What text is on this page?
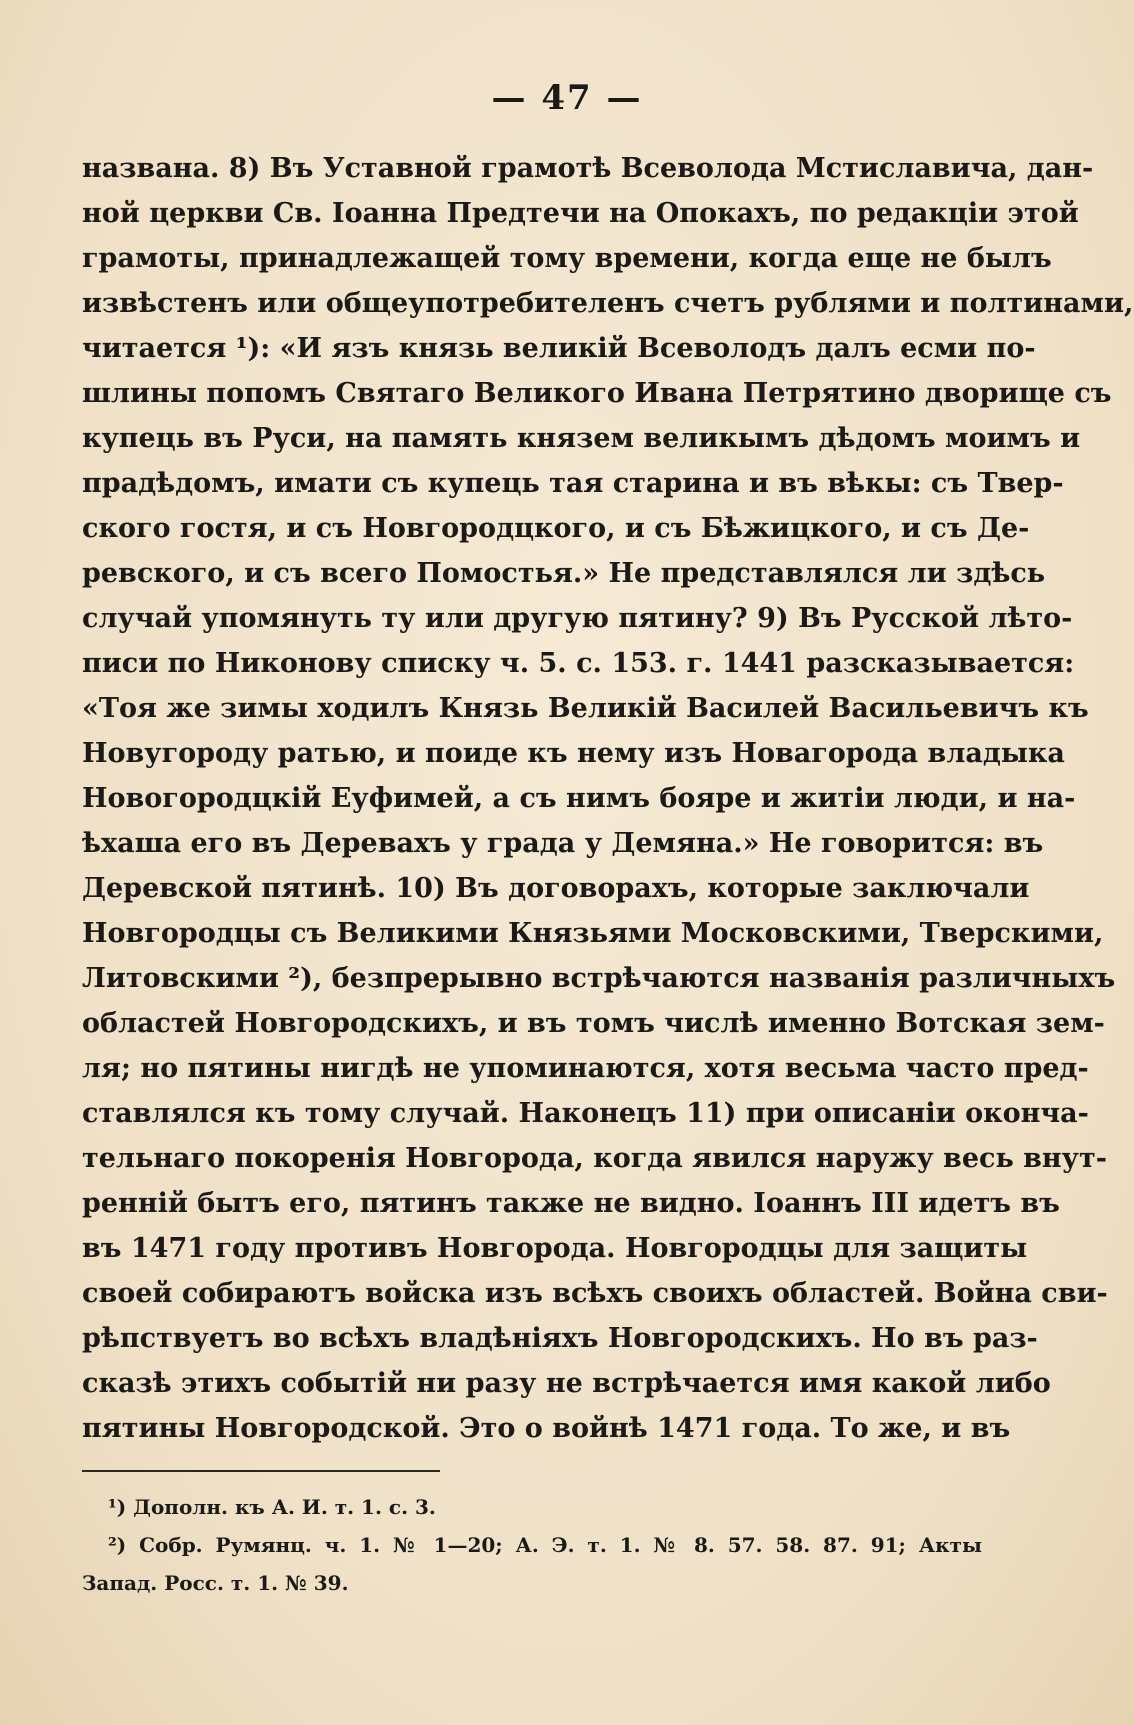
— 47 —
названа. 8) Въ Уставной грамотѣ Всеволода Мстиславича, дан-
ной церкви Св. Іоанна Предтечи на Опокахъ, по редакціи этой
грамоты, принадлежащей тому времени, когда еще не былъ
извѣстенъ или общеупотребителенъ счетъ рублями и полтинами,
читается ¹): «И язъ князь великій Всеволодъ далъ есми по-
шлины попомъ Святаго Великого Ивана Петрятино дворище съ
купець въ Руси, на память князем великымъ дѣдомъ моимъ и
прадѣдомъ, имати съ купець тая старина и въ вѣкы: съ Твер-
ского гостя, и съ Новгородцкого, и съ Бѣжицкого, и съ Де-
ревского, и съ всего Помостья.» Не представлялся ли здѣсь
случай упомянуть ту или другую пятину? 9) Въ Русской лѣто-
писи по Никонову списку ч. 5. с. 153. г. 1441 разсказывается:
«Тоя же зимы ходилъ Князь Великій Василей Васильевичъ къ
Новугороду ратью, и поиде къ нему изъ Новагорода владыка
Новогородцкій Еуфимей, а съ нимъ бояре и житіи люди, и на-
ѣхаша его въ Деревахъ у града у Демяна.» Не говорится: въ
Деревской пятинѣ. 10) Въ договорахъ, которые заключали
Новгородцы съ Великими Князьями Московскими, Тверскими,
Литовскими ²), безпрерывно встрѣчаются названія различныхъ
областей Новгородскихъ, и въ томъ числѣ именно Вотская зем-
ля; но пятины нигдѣ не упоминаются, хотя весьма часто пред-
ставлялся къ тому случай. Наконецъ 11) при описаніи оконча-
тельнаго покоренія Новгорода, когда явился наружу весь внут-
ренній бытъ его, пятинъ также не видно. Іоаннъ III идетъ въ
въ 1471 году противъ Новгорода. Новгородцы для защиты
своей собираютъ войска изъ всѣхъ своихъ областей. Война сви-
рѣпствуетъ во всѣхъ владѣніяхъ Новгородскихъ. Но въ раз-
сказѣ этихъ событій ни разу не встрѣчается имя какой либо
пятины Новгородской. Это о войнѣ 1471 года. То же, и въ
¹) Дополн. къ А. И. т. 1. с. 3.
²) Собр. Румянц. ч. 1. № 1—20; А. Э. т. 1. № 8. 57. 58. 87. 91; Акты
Запад. Росс. т. 1. № 39.
